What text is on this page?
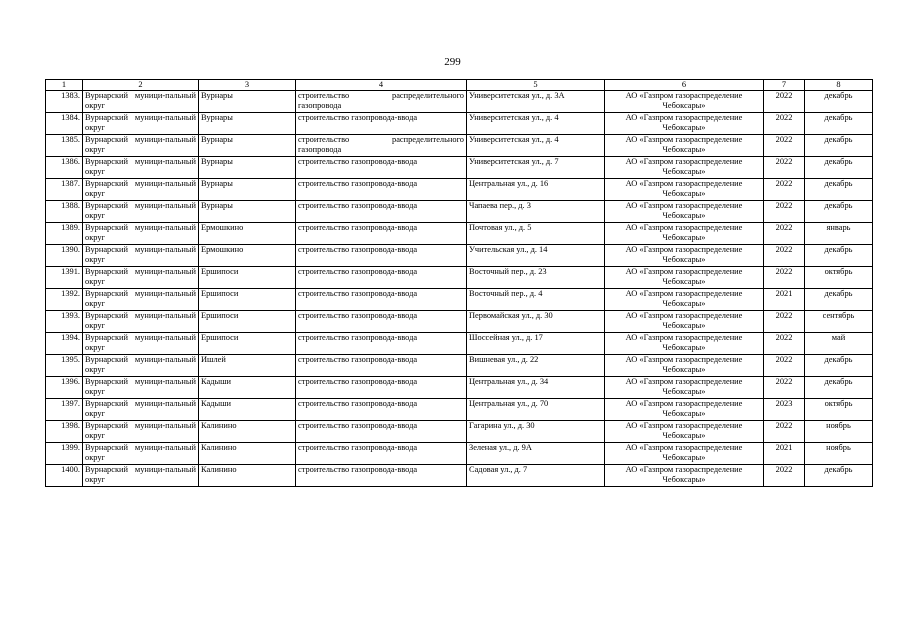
299
1	2	3	4	5	6	7	8
1383.	Вурнарский муници-пальный округ	Вурнары	строительство распределительного газопровода	Университетская ул., д. 3А	АО «Газпром газораспределение Чебоксары»	2022	декабрь
1384.	Вурнарский муници-пальный округ	Вурнары	строительство газопровода-ввода	Университетская ул., д. 4	АО «Газпром газораспределение Чебоксары»	2022	декабрь
1385.	Вурнарский муници-пальный округ	Вурнары	строительство распределительного газопровода	Университетская ул., д. 4	АО «Газпром газораспределение Чебоксары»	2022	декабрь
1386.	Вурнарский муници-пальный округ	Вурнары	строительство газопровода-ввода	Университетская ул., д. 7	АО «Газпром газораспределение Чебоксары»	2022	декабрь
1387.	Вурнарский муници-пальный округ	Вурнары	строительство газопровода-ввода	Центральная ул., д. 16	АО «Газпром газораспределение Чебоксары»	2022	декабрь
1388.	Вурнарский муници-пальный округ	Вурнары	строительство газопровода-ввода	Чапаева пер., д. 3	АО «Газпром газораспределение Чебоксары»	2022	декабрь
1389.	Вурнарский муници-пальный округ	Ермошкино	строительство газопровода-ввода	Почтовая ул., д. 5	АО «Газпром газораспределение Чебоксары»	2022	январь
1390.	Вурнарский муници-пальный округ	Ермошкино	строительство газопровода-ввода	Учительская ул., д. 14	АО «Газпром газораспределение Чебоксары»	2022	декабрь
1391.	Вурнарский муници-пальный округ	Ершипоси	строительство газопровода-ввода	Восточный пер., д. 23	АО «Газпром газораспределение Чебоксары»	2022	октябрь
1392.	Вурнарский муници-пальный округ	Ершипоси	строительство газопровода-ввода	Восточный пер., д. 4	АО «Газпром газораспределение Чебоксары»	2021	декабрь
1393.	Вурнарский муници-пальный округ	Ершипоси	строительство газопровода-ввода	Первомайская ул., д. 30	АО «Газпром газораспределение Чебоксары»	2022	сентябрь
1394.	Вурнарский муници-пальный округ	Ершипоси	строительство газопровода-ввода	Шоссейная ул., д. 17	АО «Газпром газораспределение Чебоксары»	2022	май
1395.	Вурнарский муници-пальный округ	Ишлей	строительство газопровода-ввода	Вишневая ул., д. 22	АО «Газпром газораспределение Чебоксары»	2022	декабрь
1396.	Вурнарский муници-пальный округ	Кадыши	строительство газопровода-ввода	Центральная ул., д. 34	АО «Газпром газораспределение Чебоксары»	2022	декабрь
1397.	Вурнарский муници-пальный округ	Кадыши	строительство газопровода-ввода	Центральная ул., д. 70	АО «Газпром газораспределение Чебоксары»	2023	октябрь
1398.	Вурнарский муници-пальный округ	Калинино	строительство газопровода-ввода	Гагарина ул., д. 30	АО «Газпром газораспределение Чебоксары»	2022	ноябрь
1399.	Вурнарский муници-пальный округ	Калинино	строительство газопровода-ввода	Зеленая ул., д. 9А	АО «Газпром газораспределение Чебоксары»	2021	ноябрь
1400.	Вурнарский муници-пальный округ	Калинино	строительство газопровода-ввода	Садовая ул., д. 7	АО «Газпром газораспределение Чебоксары»	2022	декабрь
